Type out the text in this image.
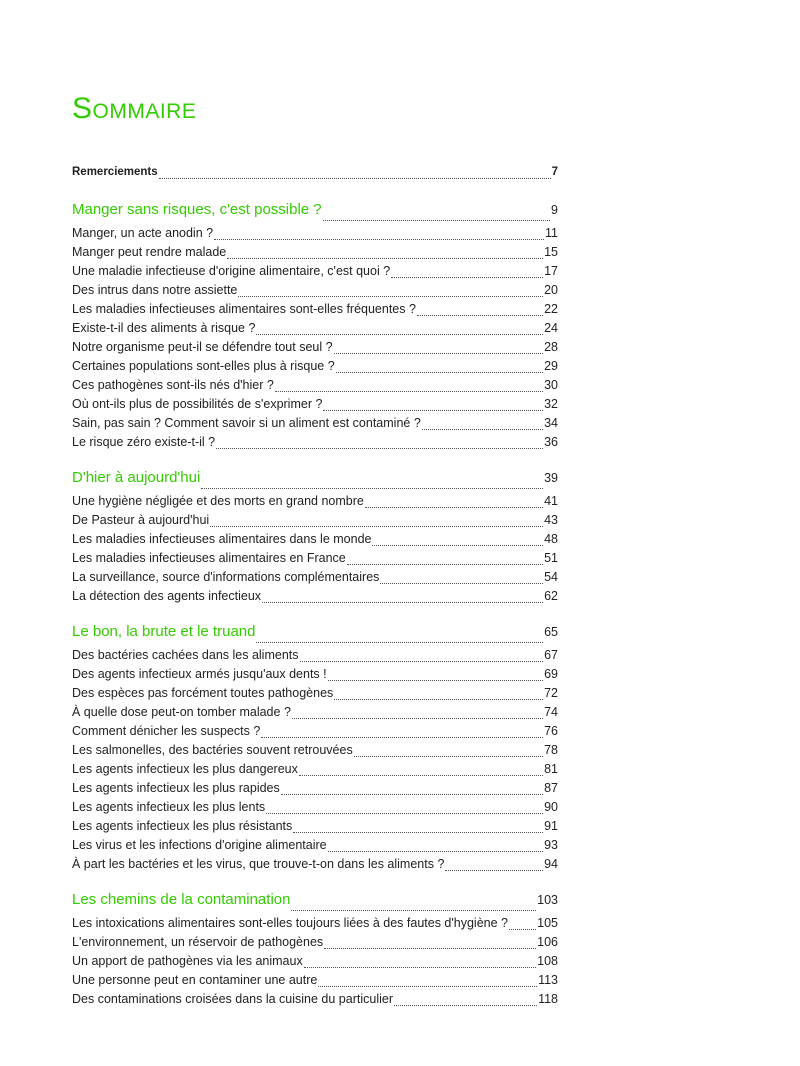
Sommaire
Remerciements	7
Manger sans risques, c'est possible ?	9
Manger, un acte anodin ?	11
Manger peut rendre malade	15
Une maladie infectieuse d'origine alimentaire, c'est quoi ?	17
Des intrus dans notre assiette	20
Les maladies infectieuses alimentaires sont-elles fréquentes ?	22
Existe-t-il des aliments à risque ?	24
Notre organisme peut-il se défendre tout seul ?	28
Certaines populations sont-elles plus à risque ?	29
Ces pathogènes sont-ils nés d'hier ?	30
Où ont-ils plus de possibilités de s'exprimer ?	32
Sain, pas sain ? Comment savoir si un aliment est contaminé ?	34
Le risque zéro existe-t-il ?	36
D'hier à aujourd'hui	39
Une hygiène négligée et des morts en grand nombre	41
De Pasteur à aujourd'hui	43
Les maladies infectieuses alimentaires dans le monde	48
Les maladies infectieuses alimentaires en France	51
La surveillance, source d'informations complémentaires	54
La détection des agents infectieux	62
Le bon, la brute et le truand	65
Des bactéries cachées dans les aliments	67
Des agents infectieux armés jusqu'aux dents !	69
Des espèces pas forcément toutes pathogènes	72
À quelle dose peut-on tomber malade ?	74
Comment dénicher les suspects ?	76
Les salmonelles, des bactéries souvent retrouvées	78
Les agents infectieux les plus dangereux	81
Les agents infectieux les plus rapides	87
Les agents infectieux les plus lents	90
Les agents infectieux les plus résistants	91
Les virus et les infections d'origine alimentaire	93
À part les bactéries et les virus, que trouve-t-on dans les aliments ?	94
Les chemins de la contamination	103
Les intoxications alimentaires sont-elles toujours liées à des fautes d'hygiène ? 105
L'environnement, un réservoir de pathogènes	106
Un apport de pathogènes via les animaux	108
Une personne peut en contaminer une autre	113
Des contaminations croisées dans la cuisine du particulier	118
